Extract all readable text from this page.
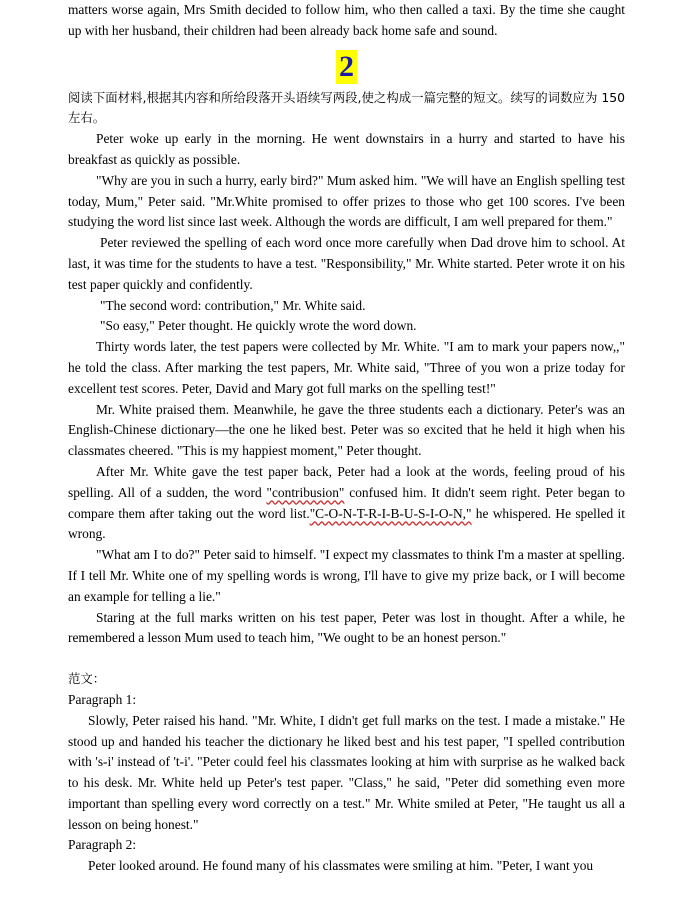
matters worse again, Mrs Smith decided to follow him, who then called a taxi. By the time she caught up with her husband, their children had been already back home safe and sound.

2

阅读下面材料,根据其内容和所给段落开头语续写两段,使之构成一篇完整的短文。续写的词数应为 150 左右。

Peter woke up early in the morning. He went downstairs in a hurry and started to have his breakfast as quickly as possible.

"Why are you in such a hurry, early bird?" Mum asked him. "We will have an English spelling test today, Mum," Peter said. "Mr.White promised to offer prizes to those who get 100 scores. I've been studying the word list since last week. Although the words are difficult, I am well prepared for them."

Peter reviewed the spelling of each word once more carefully when Dad drove him to school. At last, it was time for the students to have a test. "Responsibility," Mr. White started. Peter wrote it on his test paper quickly and confidently.

"The second word: contribution," Mr. White said.

"So easy," Peter thought. He quickly wrote the word down.

Thirty words later, the test papers were collected by Mr. White. "I am to mark your papers now,," he told the class. After marking the test papers, Mr. White said, "Three of you won a prize today for excellent test scores. Peter, David and Mary got full marks on the spelling test!"

Mr. White praised them. Meanwhile, he gave the three students each a dictionary. Peter's was an English-Chinese dictionary—the one he liked best. Peter was so excited that he held it high when his classmates cheered. "This is my happiest moment," Peter thought.

After Mr. White gave the test paper back, Peter had a look at the words, feeling proud of his spelling. All of a sudden, the word "contribusion" confused him. It didn't seem right. Peter began to compare them after taking out the word list."C-O-N-T-R-I-B-U-S-I-O-N," he whispered. He spelled it wrong.

"What am I to do?" Peter said to himself. "I expect my classmates to think I'm a master at spelling. If I tell Mr. White one of my spelling words is wrong, I'll have to give my prize back, or I will become an example for telling a lie."

Staring at the full marks written on his test paper, Peter was lost in thought. After a while, he remembered a lesson Mum used to teach him, "We ought to be an honest person."

范文：

Paragraph 1:

Slowly, Peter raised his hand. "Mr. White, I didn't get full marks on the test. I made a mistake." He stood up and handed his teacher the dictionary he liked best and his test paper, "I spelled contribution with 's-i' instead of 't-i'. "Peter could feel his classmates looking at him with surprise as he walked back to his desk. Mr. White held up Peter's test paper. "Class," he said, "Peter did something even more important than spelling every word correctly on a test." Mr. White smiled at Peter, "He taught us all a lesson on being honest."

Paragraph 2:

Peter looked around. He found many of his classmates were smiling at him. "Peter, I want you
